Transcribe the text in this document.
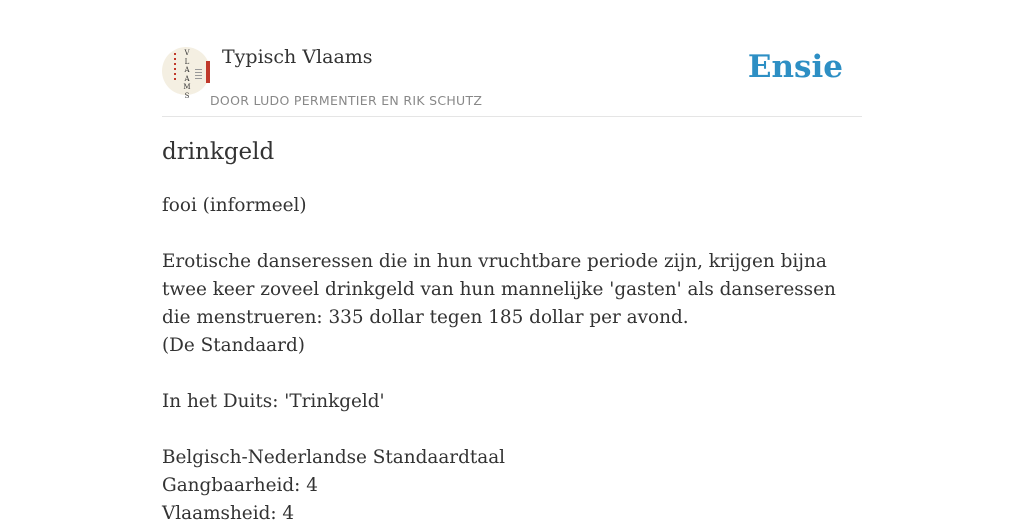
V
L
A
A
M
S
Typisch Vlaams
DOOR LUDO PERMENTIER EN RIK SCHUTZ
Ensie
drinkgeld

fooi (informeel)

Erotische danseressen die in hun vruchtbare periode zijn, krijgen bijna twee keer zoveel drinkgeld van hun mannelijke 'gasten' als danseressen die menstrueren: 335 dollar tegen 185 dollar per avond.

(De Standaard)

In het Duits: 'Trinkgeld'

Belgisch-Nederlandse Standaardtaal

Gangbaarheid: 4

Vlaamsheid: 4
